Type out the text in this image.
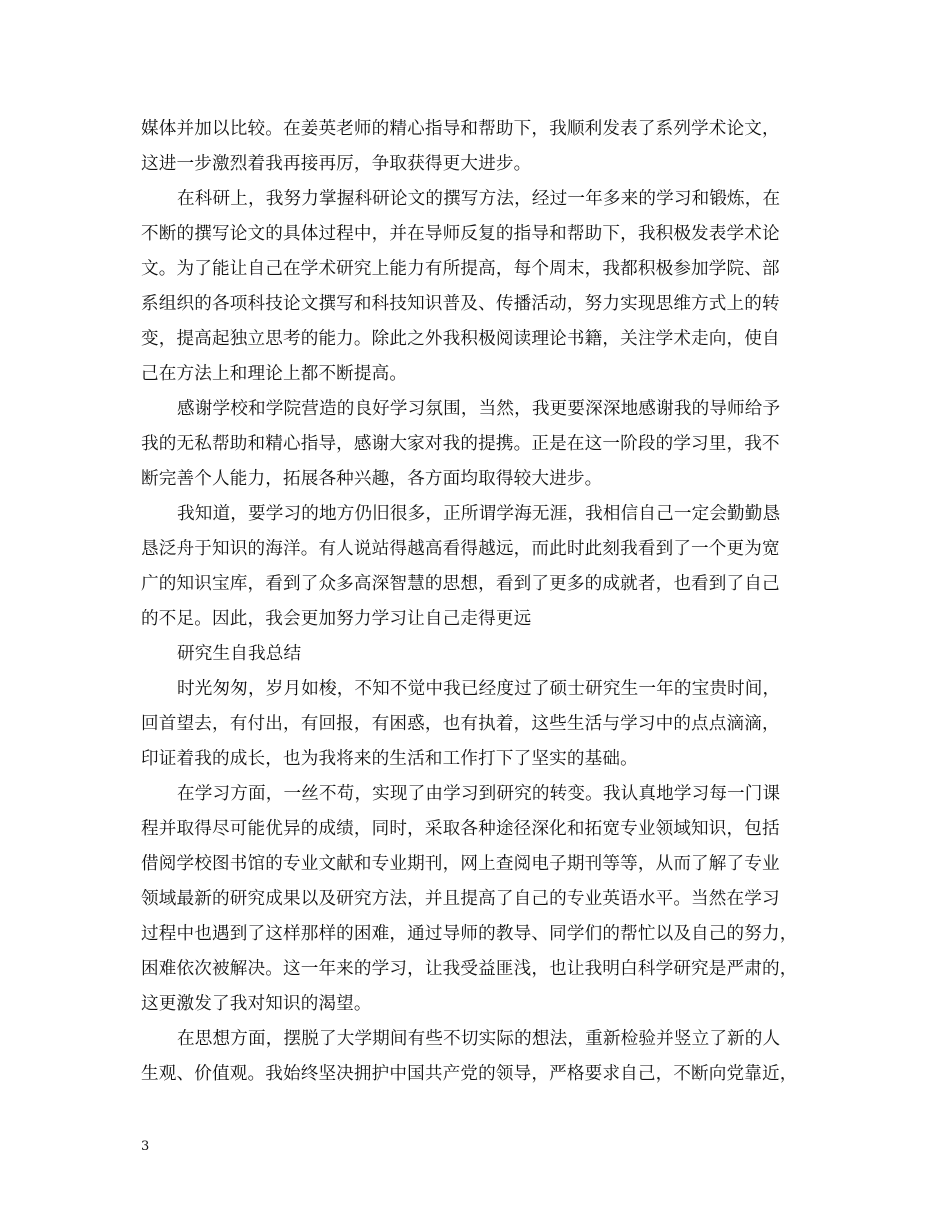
媒体并加以比较。在姜英老师的精心指导和帮助下，我顺利发表了系列学术论文，
这进一步激烈着我再接再厉，争取获得更大进步。
在科研上，我努力掌握科研论文的撰写方法，经过一年多来的学习和锻炼，在
不断的撰写论文的具体过程中，并在导师反复的指导和帮助下，我积极发表学术论
文。为了能让自己在学术研究上能力有所提高，每个周末，我都积极参加学院、部
系组织的各项科技论文撰写和科技知识普及、传播活动，努力实现思维方式上的转
变，提高起独立思考的能力。除此之外我积极阅读理论书籍，关注学术走向，使自
己在方法上和理论上都不断提高。
感谢学校和学院营造的良好学习氛围，当然，我更要深深地感谢我的导师给予
我的无私帮助和精心指导，感谢大家对我的提携。正是在这一阶段的学习里，我不
断完善个人能力，拓展各种兴趣，各方面均取得较大进步。
我知道，要学习的地方仍旧很多，正所谓学海无涯，我相信自己一定会勤勤恳
恳泛舟于知识的海洋。有人说站得越高看得越远，而此时此刻我看到了一个更为宽
广的知识宝库，看到了众多高深智慧的思想，看到了更多的成就者，也看到了自己
的不足。因此，我会更加努力学习让自己走得更远
研究生自我总结
时光匆匆，岁月如梭，不知不觉中我已经度过了硕士研究生一年的宝贵时间，
回首望去，有付出，有回报，有困惑，也有执着，这些生活与学习中的点点滴滴，
印证着我的成长，也为我将来的生活和工作打下了坚实的基础。
在学习方面，一丝不苟，实现了由学习到研究的转变。我认真地学习每一门课
程并取得尽可能优异的成绩，同时，采取各种途径深化和拓宽专业领域知识，包括
借阅学校图书馆的专业文献和专业期刊，网上查阅电子期刊等等，从而了解了专业
领域最新的研究成果以及研究方法，并且提高了自己的专业英语水平。当然在学习
过程中也遇到了这样那样的困难，通过导师的教导、同学们的帮忙以及自己的努力，
困难依次被解决。这一年来的学习，让我受益匪浅，也让我明白科学研究是严肃的，
这更激发了我对知识的渴望。
在思想方面，摆脱了大学期间有些不切实际的想法，重新检验并竖立了新的人
生观、价值观。我始终坚决拥护中国共产党的领导，严格要求自己，不断向党靠近，
3
